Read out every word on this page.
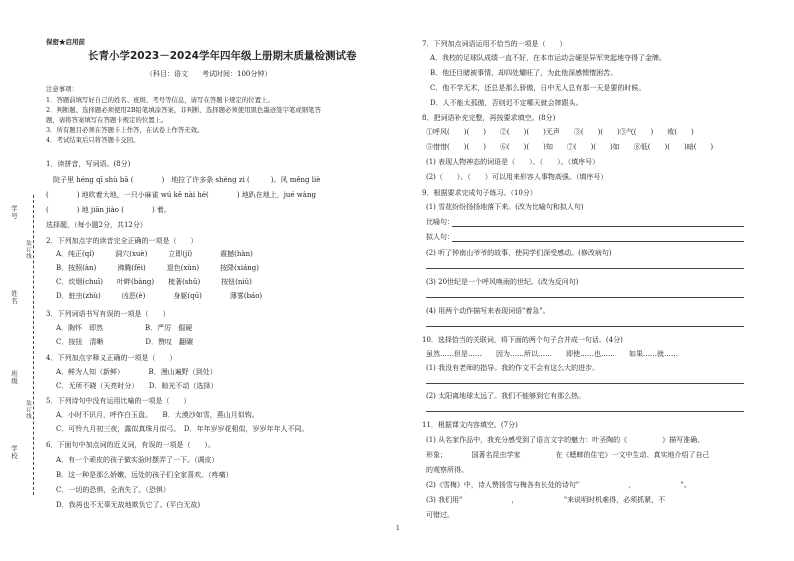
学号
姓名
班级
学校
装订线
装订线
保密★启用前
长青小学2023－2024学年四年级上册期末质量检测试卷
（科目：语文　　考试时间：100分钟）
注意事项：
1．答题前填写好自己的姓名、班级、考号等信息，请写在答题卡规定的位置上。
2．判断题、选择题必须使用2B铅笔填涂答案，非判断、选择题必须使用黑色墨迹签字笔或钢笔答
题，请将答案填写在答题卡规定的位置上。
3．所有题目必须在答题卡上作答，在试卷上作答无效。
4．考试结束后只将答题卡交回。
1．读拼音，写词语。(8分)
　院子里 héng qī shù bā (　　　　)　地拉了许多条 shéng zi (　　　)。风 měng liè
(　　　　) 地吹着大地，一只小麻雀 wú kě nài hé(　　　　) 地趴在地上，jué wàng
(　　　　) 地 jiān jiào (　　　　) 着。
选择题，（每小题2分，共12分）
2．下列加点字的读音完全正确的一项是（　　）
A．纯正(qí)　　　洞穴(xuè)　　　立即(jí)　　　　震撼(hàn)
B．按照(àn)　　　沸腾(fēi)　　　退色(xùn)　　　按降(xiáng)
C．炊烟(chuī)　　叶畔(bàng)　　梳著(shū)　　　按钮(niǔ)
D．蛀虫(zhù)　　　凶恶(è)　　　　身躯(qū)　　　　薄雾(báo)
3．下列词语书写有误的一项是（　　）
A．胸怀　即然　　　　　　B．严厉　倔硬
C．按扭　清晰　　　　　　D．赞叹　翻碾
4．下列加点字释义正确的一项是（　　）
A．鲜为人知（新鲜）　　　　B．漫山遍野（到处）
C．无所不晓（天亮时分）　　D．晾光不动（选择）
5．下列诗句中没有运用比喻的一项是（　　）
A．小时不识月，呼作白玉盘。　　B．大漠沙如雪，燕山月似钩。
C．可怜九月初三夜，露似真珠月似弓。　D．年年岁岁花相似，岁岁年年人不同。
6．下面句中加点词的近义词，有误的一项是（　　）。
A．有一个顽皮的孩子做实验时摆弄了一下。（调皮）
B．这一种是那么娇嫩，远处的孩子们全家喜欢。（疼痛）
C．一切的恐惧，全消失了。（恐惧）
D．我再也不无辜无故地欺负它了。(平白无故)
7．下列加点词语运用不恰当的一项是（　　）
A．我校的足球队成绩一直不好，在本市运动会硬是异军突起地夺得了金牌。
B．他还目睹被事情，却四处耀旺了，为此他深感懊惰困苦。
C．他不学无术，还总是那么骄傲，日中无人总有那一天是要的时候。
D．人不能太孤傲，否则迟不定哪天就会摔跟头。
8．把词语补充完整，再按要求填空。(8分)
①呼风(　　)(　　)　　②(　　)(　　)无声　　③(　　)(　　)③气(　　)　　败(　　)
⑤惜惜(　　)(　　)　　⑥(　　)(　　)知　　⑦(　　)(　　)如　　⑧低(　　)(　　)暗(　　)
(1) 表现人物神态的词语是（　　）、（　　）。（填序号）
(2)（　　）、（　　）可以用来形容人事物高强。（填序号）
9．根据要求完成句子练习。（10分）
(1) 雪花纷纷扬扬地落下来。(改为比喻句和拟人句)
比喻句：
拟人句：
(2) 听了钟南山爷爷的故事，使同学们深受感动。(修改病句)
(3) 20世纪是一个呼风唤雨的世纪。(改为反问句)
(4) 用两个动作描写来表现词语"着急"。
10．选择恰当的关联词，将下面的两个句子合并成一句话。(4分)
虽然……但是……　　因为……所以……　　即使……也……　　如果……就……
(1) 我没有老师的指导。我的作文不会有这么大的进步。
(2) 太阳离地球太远了。我们不能够到它有那么热。
11．根据课文内容填空。(7分)
(1) 从名家作品中，我充分感受到了语言文字的魅力：叶圣陶的《　　　　　》描写准确、
形象；　　　　国著名昆虫学家　　　　　在《蟋蟀的住宅》一文中生动、真实地介绍了自己
的观察所得。
(2)《雪梅》中，诗人赞扬雪与梅各有长处的诗句"　　　　　　　，　　　　　　　"。
(3) 我们用"　　　　　　　，　　　　　　　"来说明时机难得，必须抓紧，不
可错过。
1
